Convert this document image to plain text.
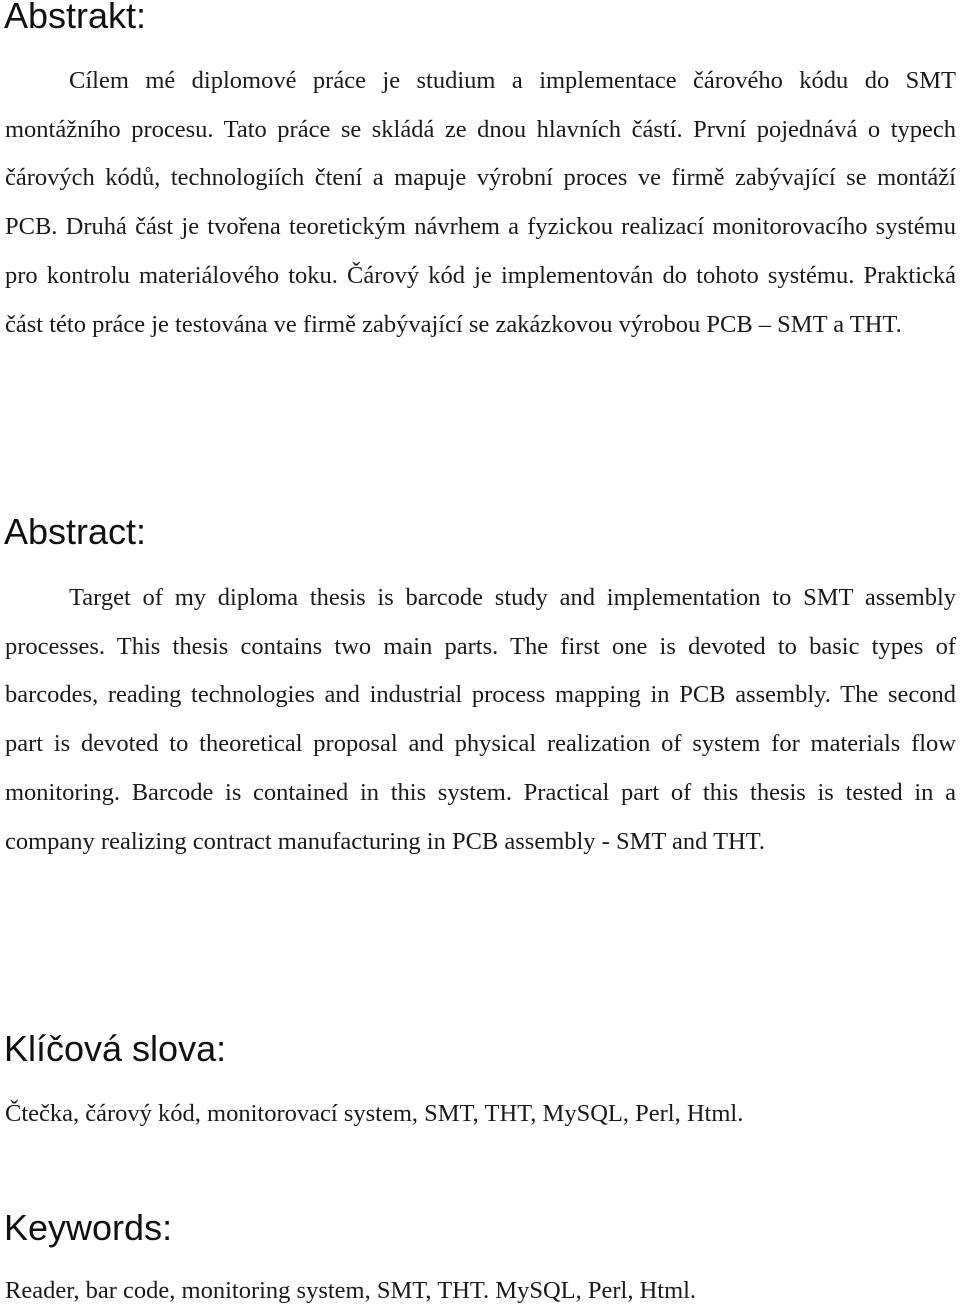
Abstrakt:

Cílem mé diplomové práce je studium a implementace čárového kódu do SMT montážního procesu. Tato práce se skládá ze dnou hlavních částí. První pojednává o typech čárových kódů, technologiích čtení a mapuje výrobní proces ve firmě zabývající se montáží PCB. Druhá část je tvořena teoretickým návrhem a fyzickou realizací monitorovacího systému pro kontrolu materiálového toku. Čárový kód je implementován do tohoto systému. Praktická část této práce je testována ve firmě zabývající se zakázkovou výrobou PCB – SMT a THT.

Abstract:

Target of my diploma thesis is barcode study and implementation to SMT assembly processes. This thesis contains two main parts. The first one is devoted to basic types of barcodes, reading technologies and industrial process mapping in PCB assembly. The second part is devoted to theoretical proposal and physical realization of system for materials flow monitoring. Barcode is contained in this system. Practical part of this thesis is tested in a company realizing contract manufacturing in PCB assembly - SMT and THT.

Klíčová slova:

Čtečka, čárový kód, monitorovací system, SMT, THT, MySQL, Perl, Html.

Keywords:

Reader, bar code, monitoring system, SMT, THT. MySQL, Perl, Html.
